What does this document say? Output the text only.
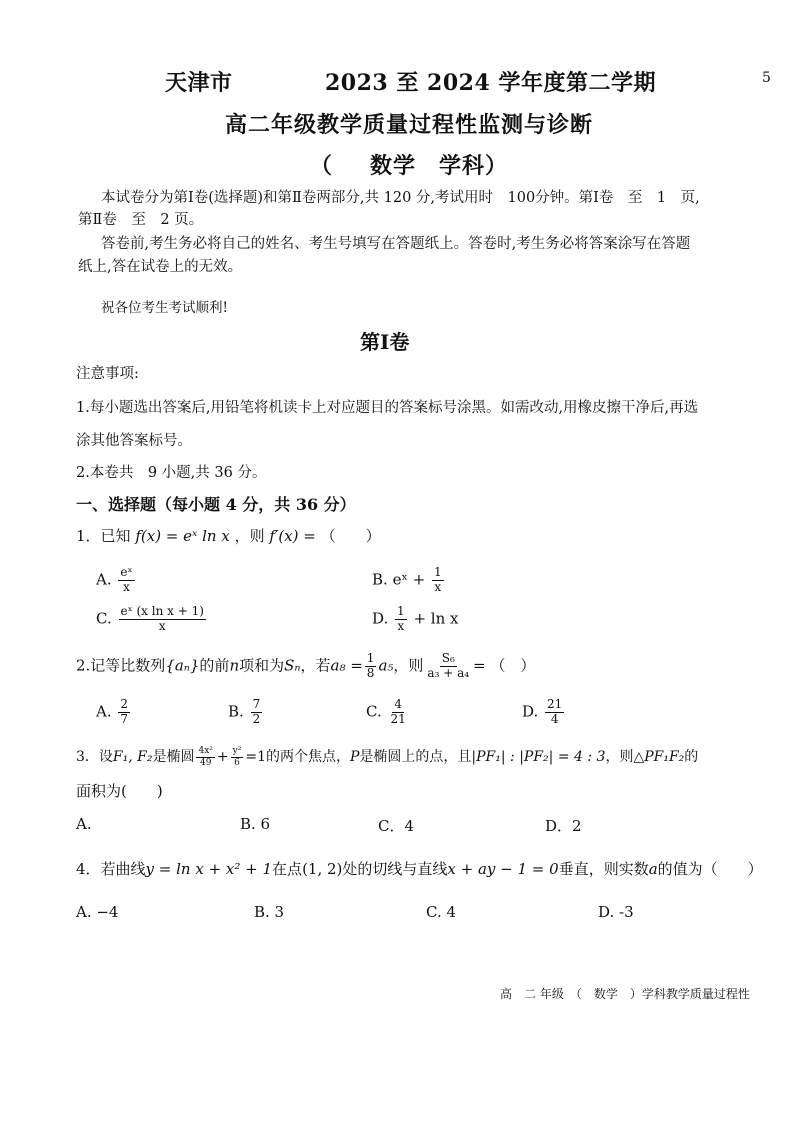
5
天津市	2023 至 2024 学年度第二学期
高二年级教学质量过程性监测与诊断
（ 数学　学科）
本试卷分为第Ⅰ卷(选择题)和第Ⅱ卷两部分,共 120 分,考试用时　100分钟。第Ⅰ卷　至　1　页,
第Ⅱ卷　至　2 页。
答卷前,考生务必将自己的姓名、考生号填写在答题纸上。答卷时,考生务必将答案涂写在答题
纸上,答在试卷上的无效。
祝各位考生考试顺利!
第Ⅰ卷
注意事项:
1.每小题选出答案后,用铅笔将机读卡上对应题目的答案标号涂黑。如需改动,用橡皮擦干净后,再选
涂其他答案标号。
2.本卷共　9 小题,共 36 分。
一、选择题（每小题 4 分，共 36 分）
1．已知 f(x) = eˣ ln x ，则 f′(x) = （　　）
A. $\frac{\text{eˣ}}{x}$	B. eˣ + $\frac{1}{x}$
C. $\frac{\text{eˣ (x ln x + 1)}}{x}$	D. $\frac{1}{x} + \ln x$
2.记等比数列{aₙ}的前n项和为Sₙ，若$a_8 = \frac{1}{8} a_5$，则 $\frac{\text{S₆}}{\text{a₃ + a₄}}$ = （　）
A. $\frac{2}{7}$	B. $\frac{7}{2}$	C. $\frac{4}{21}$	D. $\frac{21}{4}$
3．设F₁, F₂是椭圆 $\frac{\text{4x²}}{49} + \frac{\text{y²}}{6} =1$的两个焦点，P是椭圆上的点，且|PF₁| : |PF₂| = 4 : 3，则△PF₁F₂的
面积为(　　)
A.	B. 6	C．4	D．2
4．若曲线y = ln x + x² + 1在点(1, 2)处的切线与直线x + ay − 1 = 0垂直，则实数a的值为（　　）
A. −4	B. 3	C. 4	D. -3
高　二 年级　（　数学　）学科教学质量过程性
